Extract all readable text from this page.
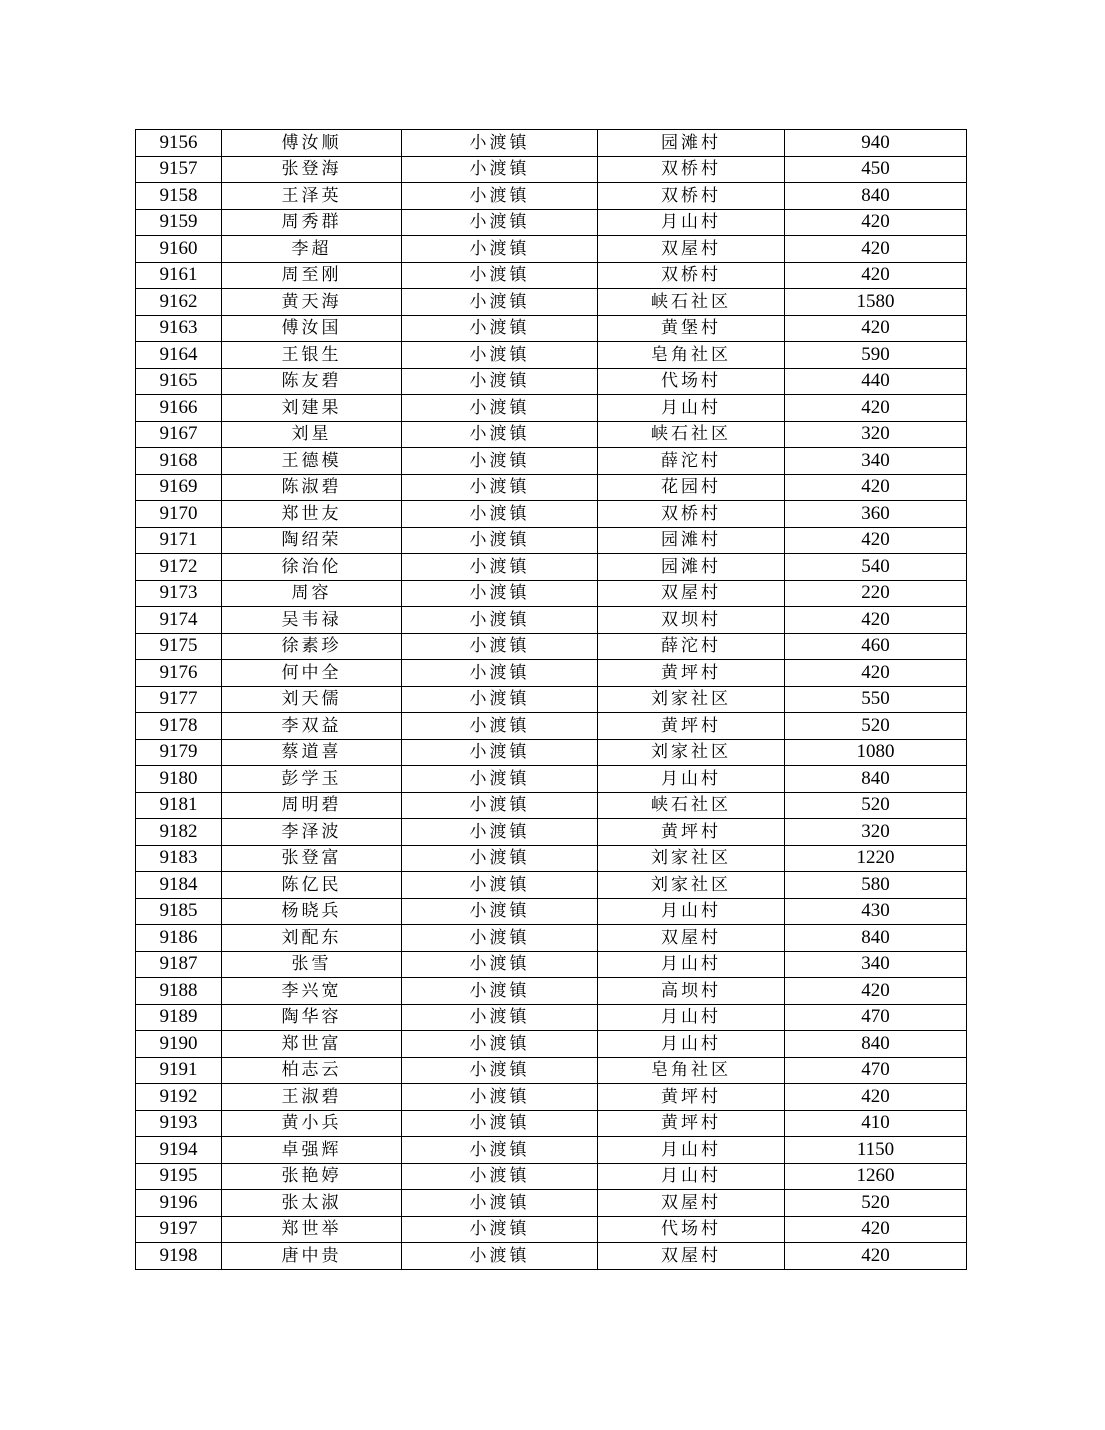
9156	傅汝顺	小渡镇	园滩村	940
9157	张登海	小渡镇	双桥村	450
9158	王泽英	小渡镇	双桥村	840
9159	周秀群	小渡镇	月山村	420
9160	李超	小渡镇	双屋村	420
9161	周至刚	小渡镇	双桥村	420
9162	黄天海	小渡镇	峡石社区	1580
9163	傅汝国	小渡镇	黄堡村	420
9164	王银生	小渡镇	皂角社区	590
9165	陈友碧	小渡镇	代场村	440
9166	刘建果	小渡镇	月山村	420
9167	刘星	小渡镇	峡石社区	320
9168	王德模	小渡镇	薛沱村	340
9169	陈淑碧	小渡镇	花园村	420
9170	郑世友	小渡镇	双桥村	360
9171	陶绍荣	小渡镇	园滩村	420
9172	徐治伦	小渡镇	园滩村	540
9173	周容	小渡镇	双屋村	220
9174	吴韦禄	小渡镇	双坝村	420
9175	徐素珍	小渡镇	薛沱村	460
9176	何中全	小渡镇	黄坪村	420
9177	刘天儒	小渡镇	刘家社区	550
9178	李双益	小渡镇	黄坪村	520
9179	蔡道喜	小渡镇	刘家社区	1080
9180	彭学玉	小渡镇	月山村	840
9181	周明碧	小渡镇	峡石社区	520
9182	李泽波	小渡镇	黄坪村	320
9183	张登富	小渡镇	刘家社区	1220
9184	陈亿民	小渡镇	刘家社区	580
9185	杨晓兵	小渡镇	月山村	430
9186	刘配东	小渡镇	双屋村	840
9187	张雪	小渡镇	月山村	340
9188	李兴宽	小渡镇	高坝村	420
9189	陶华容	小渡镇	月山村	470
9190	郑世富	小渡镇	月山村	840
9191	柏志云	小渡镇	皂角社区	470
9192	王淑碧	小渡镇	黄坪村	420
9193	黄小兵	小渡镇	黄坪村	410
9194	卓强辉	小渡镇	月山村	1150
9195	张艳婷	小渡镇	月山村	1260
9196	张太淑	小渡镇	双屋村	520
9197	郑世举	小渡镇	代场村	420
9198	唐中贵	小渡镇	双屋村	420
